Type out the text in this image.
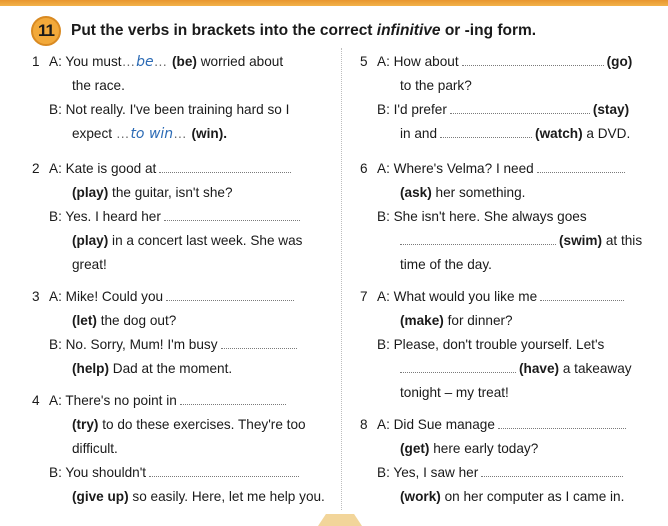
11 Put the verbs in brackets into the correct infinitive or -ing form.
1 A: You must…be… (be) worried about
the race.
B: Not really. I've been training hard so I
expect …to win… (win).
2 A: Kate is good at
(play) the guitar, isn't she?
B: Yes. I heard her
(play) in a concert last week. She was
great!
3 A: Mike! Could you
(let) the dog out?
B: No. Sorry, Mum! I'm busy
(help) Dad at the moment.
4 A: There's no point in
(try) to do these exercises. They're too
difficult.
B: You shouldn't
(give up) so easily. Here, let me help you.
5 A: How about	(go)
to the park?
B: I'd prefer	(stay)
in and	(watch) a DVD.
6 A: Where's Velma? I need
(ask) her something.
B: She isn't here. She always goes
(swim) at this
time of the day.
7 A: What would you like me
(make) for dinner?
B: Please, don't trouble yourself. Let's
(have) a takeaway
tonight – my treat!
8 A: Did Sue manage
(get) here early today?
B: Yes, I saw her
(work) on her computer as I came in.
